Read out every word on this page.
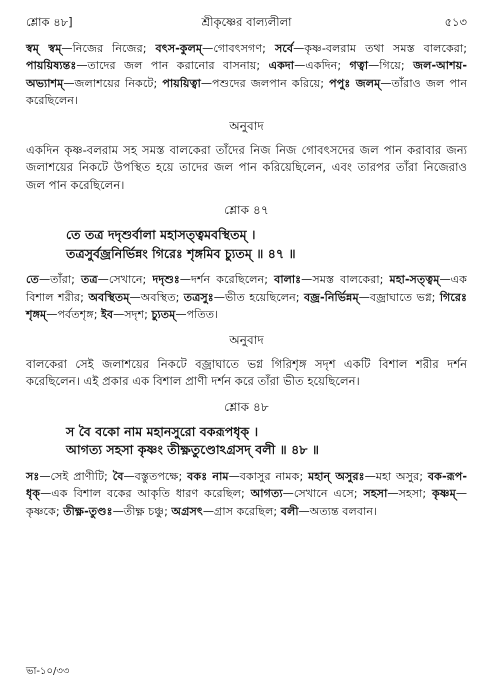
শ্লোক ৪৮]	শ্রীকৃষ্ণের বাল্যলীলা	৫১৩

স্বম্ স্বম্—নিজের নিজের; বৎস-কুলম্—গোবৎসগণ; সর্বে—কৃষ্ণ-বলরাম তথা সমস্ত বালকেরা; পায়য়িষ্যন্তঃ—তাদের জল পান করানোর বাসনায়; একদা—একদিন; গত্বা—গিয়ে; জল-আশয়-অভ্যাশম্—জলাশয়ের নিকটে; পায়য়িত্বা—পশুদের জলপান করিয়ে; পপুঃ জলম্—তাঁরাও জল পান করেছিলেন।

অনুবাদ

একদিন কৃষ্ণ-বলরাম সহ সমস্ত বালকেরা তাঁদের নিজ নিজ গোবৎসদের জল পান করাবার জন্য জলাশয়ের নিকটে উপস্থিত হয়ে তাদের জল পান করিয়েছিলেন, এবং তারপর তাঁরা নিজেরাও জল পান করেছিলেন।

শ্লোক ৪৭
তে তত্র দদৃশুর্বালা মহাসত্ত্বমবস্থিতম্ ।
তত্রসুর্বজ্রনির্ভিন্নং গিরেঃ শৃঙ্গমিব চ্যুতম্ ॥ ৪৭ ॥

তে—তাঁরা; তত্র—সেখানে; দদৃশুঃ—দর্শন করেছিলেন; বালাঃ—সমস্ত বালকেরা; মহা-সত্ত্বম্—এক বিশাল শরীর; অবস্থিতম্—অবস্থিত; তত্রসুঃ—ভীত হয়েছিলেন; বজ্র-নির্ভিন্নম্—বজ্রাঘাতে ভগ্ন; গিরেঃ শৃঙ্গম্—পর্বতশৃঙ্গ; ইব—সদৃশ; চ্যুতম্—পতিত।

অনুবাদ

বালকেরা সেই জলাশয়ের নিকটে বজ্রাঘাতে ভগ্ন গিরিশৃঙ্গ সদৃশ একটি বিশাল শরীর দর্শন করেছিলেন। এই প্রকার এক বিশাল প্রাণী দর্শন করে তাঁরা ভীত হয়েছিলেন।

শ্লোক ৪৮
স বৈ বকো নাম মহানসুরো বকরূপধৃক্ ।
আগত্য সহসা কৃষ্ণং তীক্ষ্ণতুণ্ডোঽগ্রসদ্ বলী ॥ ৪৮ ॥

সঃ—সেই প্রাণীটি; বৈ—বস্তুতপক্ষে; বকঃ নাম—বকাসুর নামক; মহান্ অসুরঃ—মহা অসুর; বক-রূপ-ধৃক্—এক বিশাল বকের আকৃতি ধারণ করেছিল; আগত্য—সেখানে এসে; সহসা—সহসা; কৃষ্ণম্—কৃষ্ণকে; তীক্ষ্ণ-তুণ্ডঃ—তীক্ষ্ণ চঞ্চু; অগ্রসৎ—গ্রাস করেছিল; বলী—অত্যন্ত বলবান।

ভা-১০/৩৩
